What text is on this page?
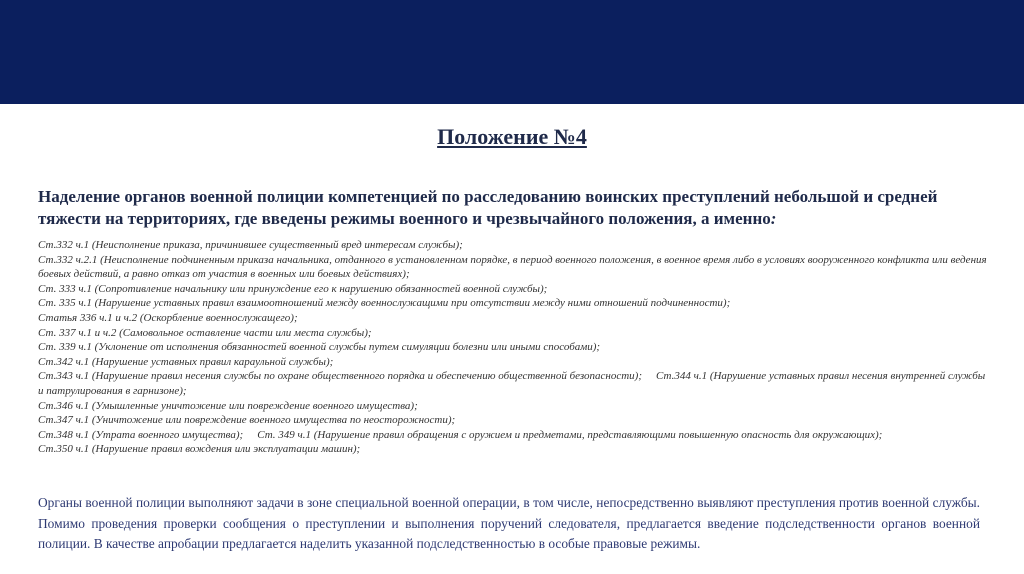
Положение №4
Наделение органов военной полиции компетенцией по расследованию воинских преступлений небольшой и средней тяжести на территориях, где введены режимы военного и чрезвычайного положения, а именно:
Ст.332 ч.1 (Неисполнение приказа, причинившее существенный вред интересам службы);
Ст.332 ч.2.1 (Неисполнение подчиненным приказа начальника, отданного в установленном порядке, в период военного положения, в военное время либо в условиях вооруженного конфликта или ведения боевых действий, а равно отказ от участия в военных или боевых действиях);
Ст. 333 ч.1 (Сопротивление начальнику или принуждение его к нарушению обязанностей военной службы);
Ст. 335 ч.1 (Нарушение уставных правил взаимоотношений между военнослужащими при отсутствии между ними отношений подчиненности);
Статья 336 ч.1 и ч.2 (Оскорбление военнослужащего);
Ст. 337 ч.1 и ч.2 (Самовольное оставление части или места службы);
Ст. 339 ч.1 (Уклонение от исполнения обязанностей военной службы путем симуляции болезни или иными способами);
Ст.342 ч.1 (Нарушение уставных правил караульной службы);
Ст.343 ч.1 (Нарушение правил несения службы по охране общественного порядка и обеспечению общественной безопасности); Ст.344 ч.1 (Нарушение уставных правил несения внутренней службы и патрулирования в гарнизоне);
Ст.346 ч.1 (Умышленные уничтожение или повреждение военного имущества);
Ст.347 ч.1 (Уничтожение или повреждение военного имущества по неосторожности);
Ст.348 ч.1 (Утрата военного имущества); Ст. 349 ч.1 (Нарушение правил обращения с оружием и предметами, представляющими повышенную опасность для окружающих);
Ст.350 ч.1 (Нарушение правил вождения или эксплуатации машин);
Органы военной полиции выполняют задачи в зоне специальной военной операции, в том числе, непосредственно выявляют преступления против военной службы. Помимо проведения проверки сообщения о преступлении и выполнения поручений следователя, предлагается введение подследственности органов военной полиции. В качестве апробации предлагается наделить указанной подследственностью в особые правовые режимы.
